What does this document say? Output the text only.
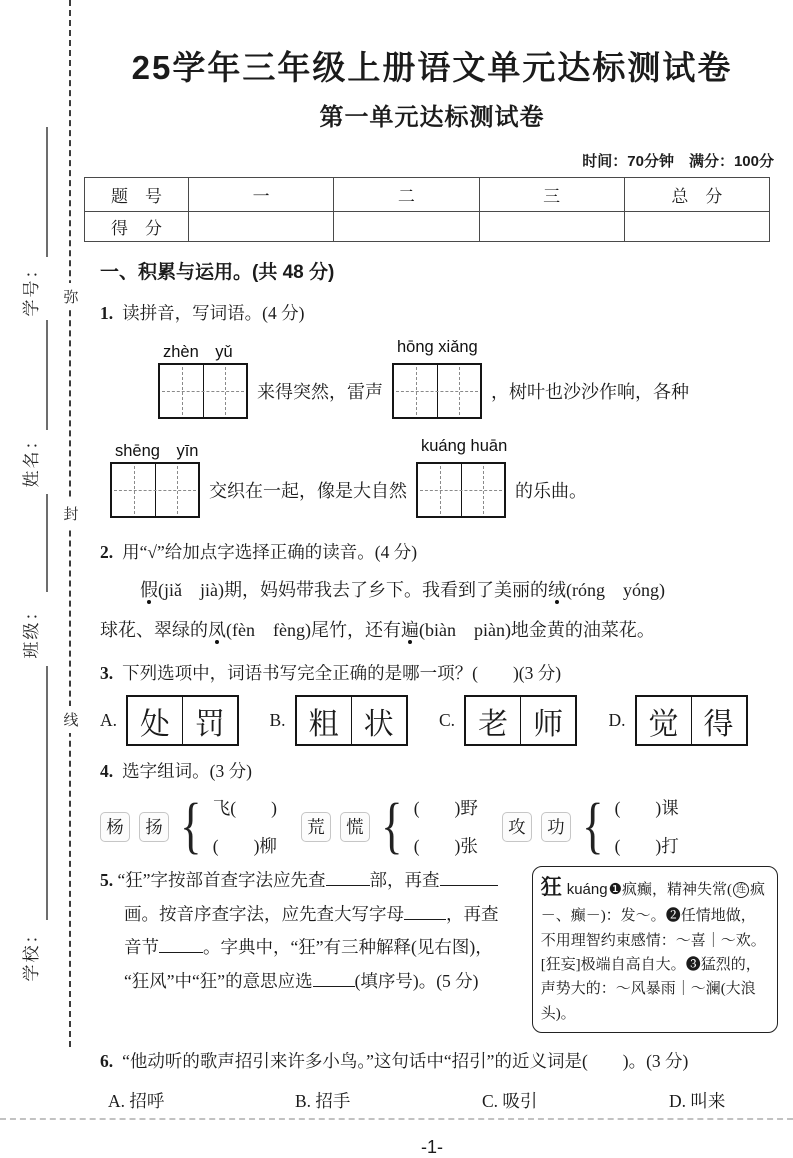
弥
封
线
学号：
姓名：
班级：
学校：
25学年三年级上册语文单元达标测试卷
第一单元达标测试卷
时间：70分钟　满分：100分
题　号	一	二	三	总　分
得　分				
一、积累与运用。(共 48 分)
1. 读拼音，写词语。(4 分)
zhèn　yǔ
来得突然，雷声
hōng xiǎng
，树叶也沙沙作响，各种
shēng　yīn
交织在一起，像是大自然
kuáng huān
的乐曲。
2. 用“√”给加点字选择正确的读音。(4 分)
假(jiǎ　jià)期，妈妈带我去了乡下。我看到了美丽的绒(róng　yóng)
球花、翠绿的凤(fèn　fèng)尾竹，还有遍(biàn　piàn)地金黄的油菜花。
3. 下列选项中，词语书写完全正确的是哪一项？(　　)(3 分)
A. 处 罚	B. 粗 状	C. 老 师	D. 觉 得
4. 选字组词。(3 分)
杨	扬 { 飞(　　)
(　　)柳
荒	慌 { (　　)野
(　　)张
攻	功 { (　　)课
(　　)打
5. “狂”字按部首查字法应先查	部，再查
画。按音序查字法，应先查大写字母 ，再查
音节	。字典中，“狂”有三种解释(见右图)，
“狂风”中“狂”的意思应选 (填序号)。(5 分)
狂 kuáng❶疯癫，精神失常( 连 疯－、癫－)：发～。❷任情地做，不用理智约束感情：～喜｜～欢。[狂妄]极端自高自大。❸猛烈的，声势大的：～风暴雨｜～澜(大浪头)。
6. “他动听的歌声招引来许多小鸟。”这句话中“招引”的近义词是(　　)。(3 分)
A. 招呼	B. 招手	C. 吸引	D. 叫来
-1-
